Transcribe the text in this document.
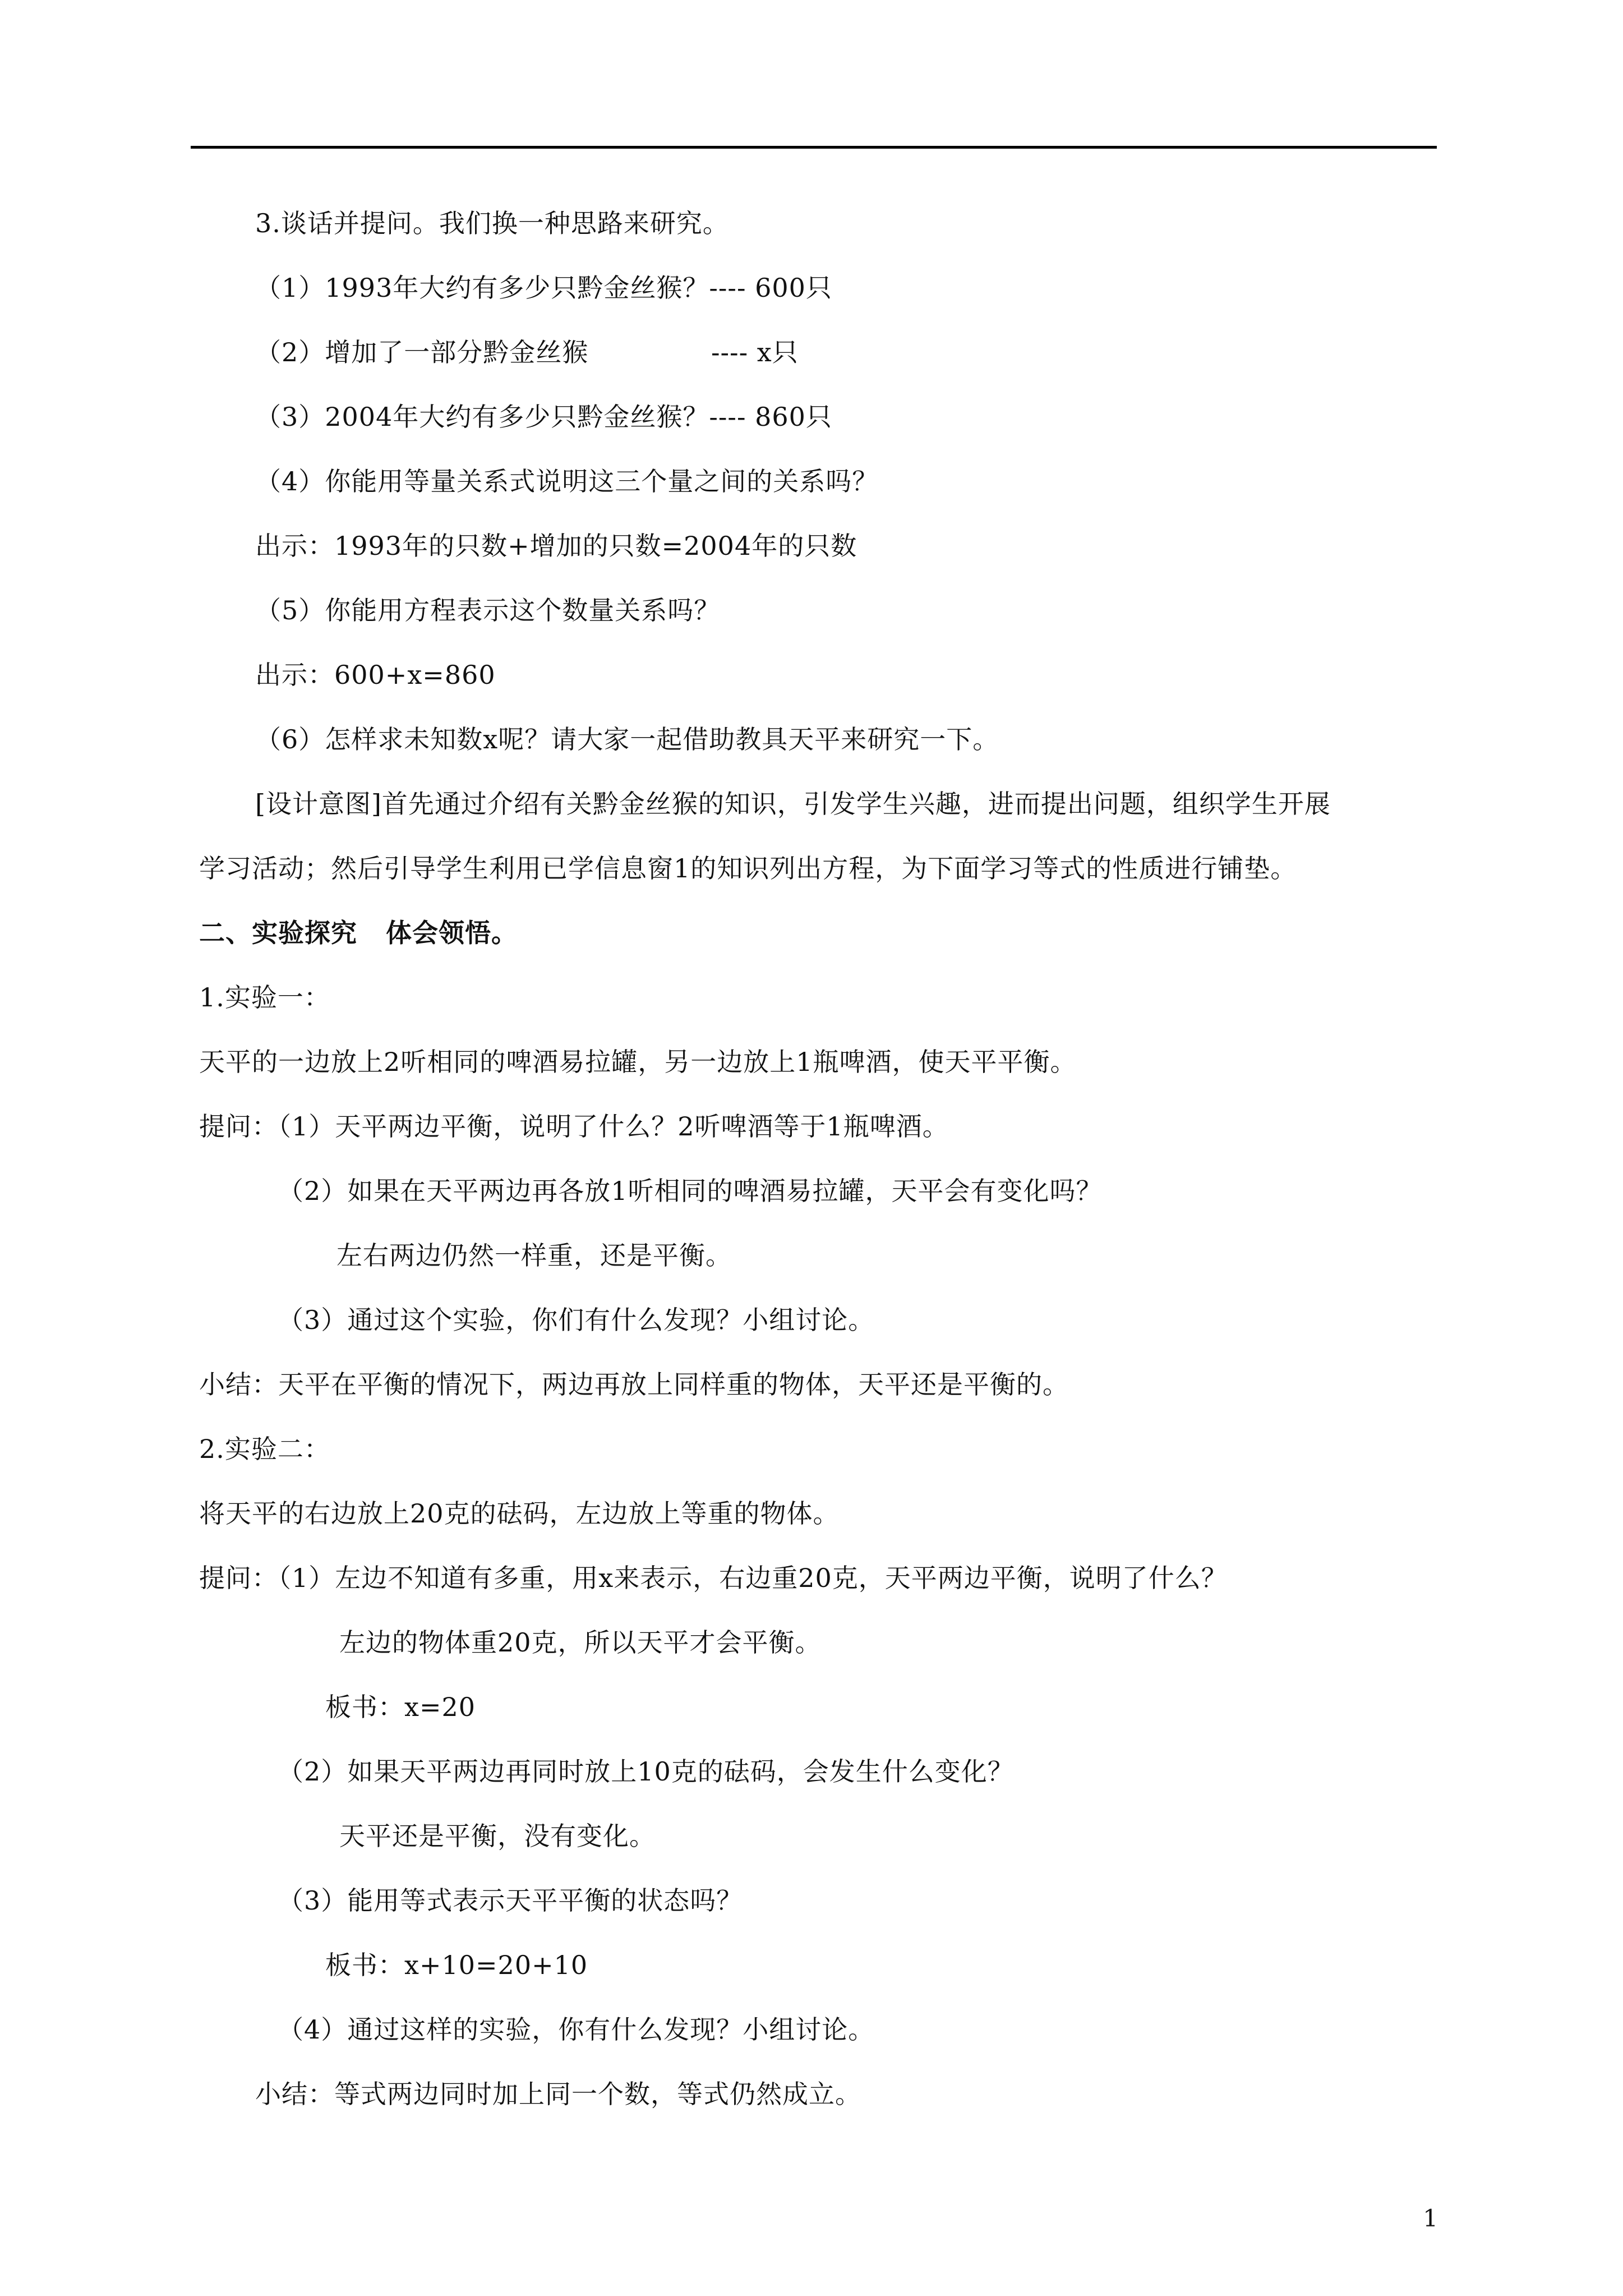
3.谈话并提问。我们换一种思路来研究。
（1）1993年大约有多少只黔金丝猴？---- 600只
（2）增加了一部分黔金丝猴              ---- x只
（3）2004年大约有多少只黔金丝猴？---- 860只
（4）你能用等量关系式说明这三个量之间的关系吗？
出示：1993年的只数+增加的只数=2004年的只数
（5）你能用方程表示这个数量关系吗？
出示：600+x=860
（6）怎样求未知数x呢？请大家一起借助教具天平来研究一下。
[设计意图]首先通过介绍有关黔金丝猴的知识，引发学生兴趣，进而提出问题，组织学生开展
学习活动；然后引导学生利用已学信息窗1的知识列出方程，为下面学习等式的性质进行铺垫。
二、实验探究   体会领悟。
1.实验一：
天平的一边放上2听相同的啤酒易拉罐，另一边放上1瓶啤酒，使天平平衡。
提问：（1）天平两边平衡，说明了什么？2听啤酒等于1瓶啤酒。
（2）如果在天平两边再各放1听相同的啤酒易拉罐，天平会有变化吗？
左右两边仍然一样重，还是平衡。
（3）通过这个实验，你们有什么发现？小组讨论。
小结：天平在平衡的情况下，两边再放上同样重的物体，天平还是平衡的。
2.实验二：
将天平的右边放上20克的砝码，左边放上等重的物体。
提问：（1）左边不知道有多重，用x来表示，右边重20克，天平两边平衡，说明了什么？
左边的物体重20克，所以天平才会平衡。
板书：x=20
（2）如果天平两边再同时放上10克的砝码，会发生什么变化？
天平还是平衡，没有变化。
（3）能用等式表示天平平衡的状态吗？
板书：x+10=20+10
（4）通过这样的实验，你有什么发现？小组讨论。
小结：等式两边同时加上同一个数，等式仍然成立。
1
